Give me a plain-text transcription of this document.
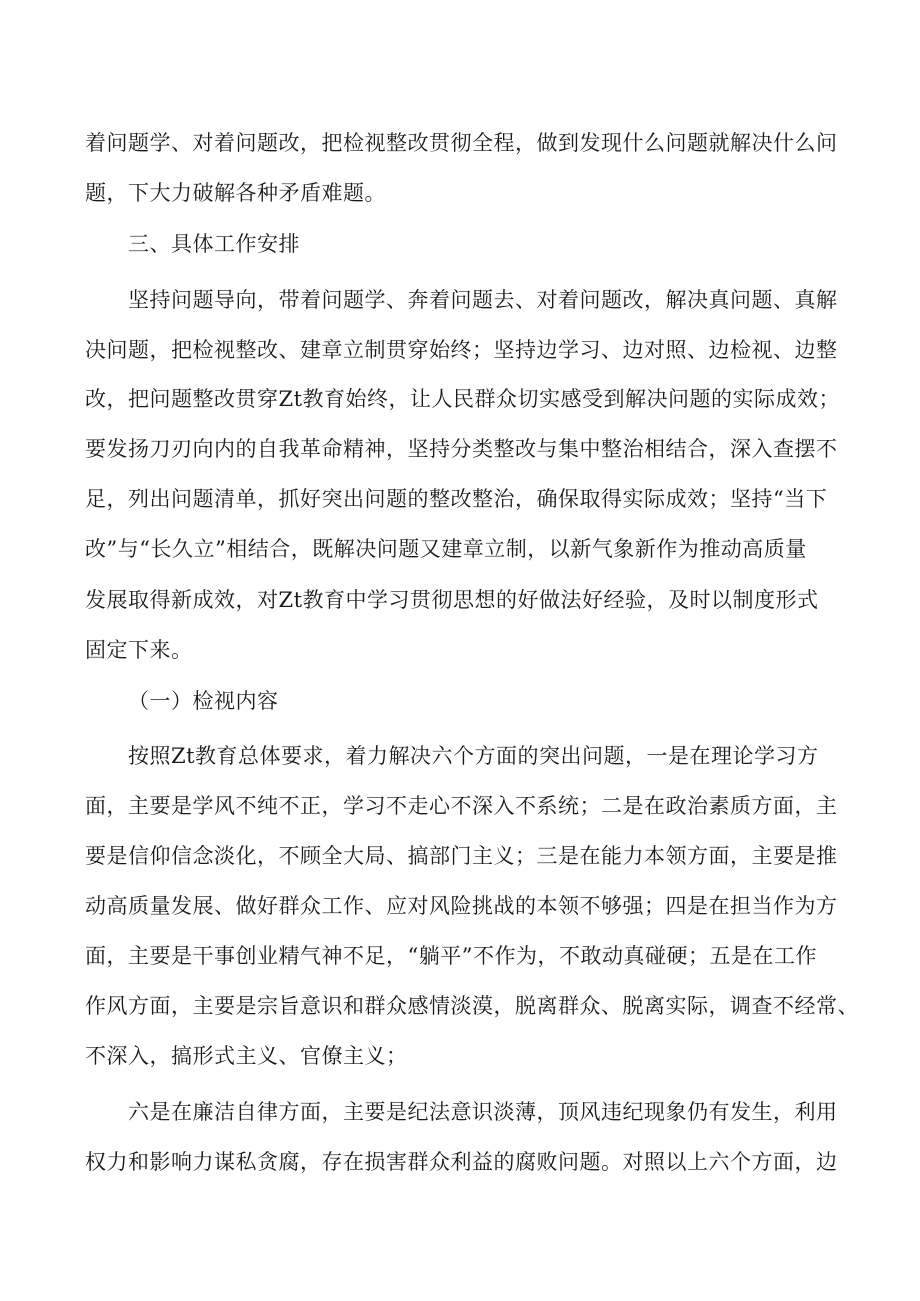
着问题学、对着问题改，把检视整改贯彻全程，做到发现什么问题就解决什么问
题，下大力破解各种矛盾难题。
三、具体工作安排
坚持问题导向，带着问题学、奔着问题去、对着问题改，解决真问题、真解
决问题，把检视整改、建章立制贯穿始终；坚持边学习、边对照、边检视、边整
改，把问题整改贯穿Zt教育始终，让人民群众切实感受到解决问题的实际成效；
要发扬刀刃向内的自我革命精神，坚持分类整改与集中整治相结合，深入查摆不
足，列出问题清单，抓好突出问题的整改整治，确保取得实际成效；坚持“当下
改”与“长久立”相结合，既解决问题又建章立制，以新气象新作为推动高质量
发展取得新成效，对Zt教育中学习贯彻思想的好做法好经验，及时以制度形式
固定下来。
（一）检视内容
按照Zt教育总体要求，着力解决六个方面的突出问题，一是在理论学习方
面，主要是学风不纯不正，学习不走心不深入不系统；二是在政治素质方面，主
要是信仰信念淡化，不顾全大局、搞部门主义；三是在能力本领方面，主要是推
动高质量发展、做好群众工作、应对风险挑战的本领不够强；四是在担当作为方
面，主要是干事创业精气神不足，“躺平”不作为，不敢动真碰硬；五是在工作
作风方面，主要是宗旨意识和群众感情淡漠，脱离群众、脱离实际，调查不经常、
不深入，搞形式主义、官僚主义；
六是在廉洁自律方面，主要是纪法意识淡薄，顶风违纪现象仍有发生，利用
权力和影响力谋私贪腐，存在损害群众利益的腐败问题。对照以上六个方面，边
